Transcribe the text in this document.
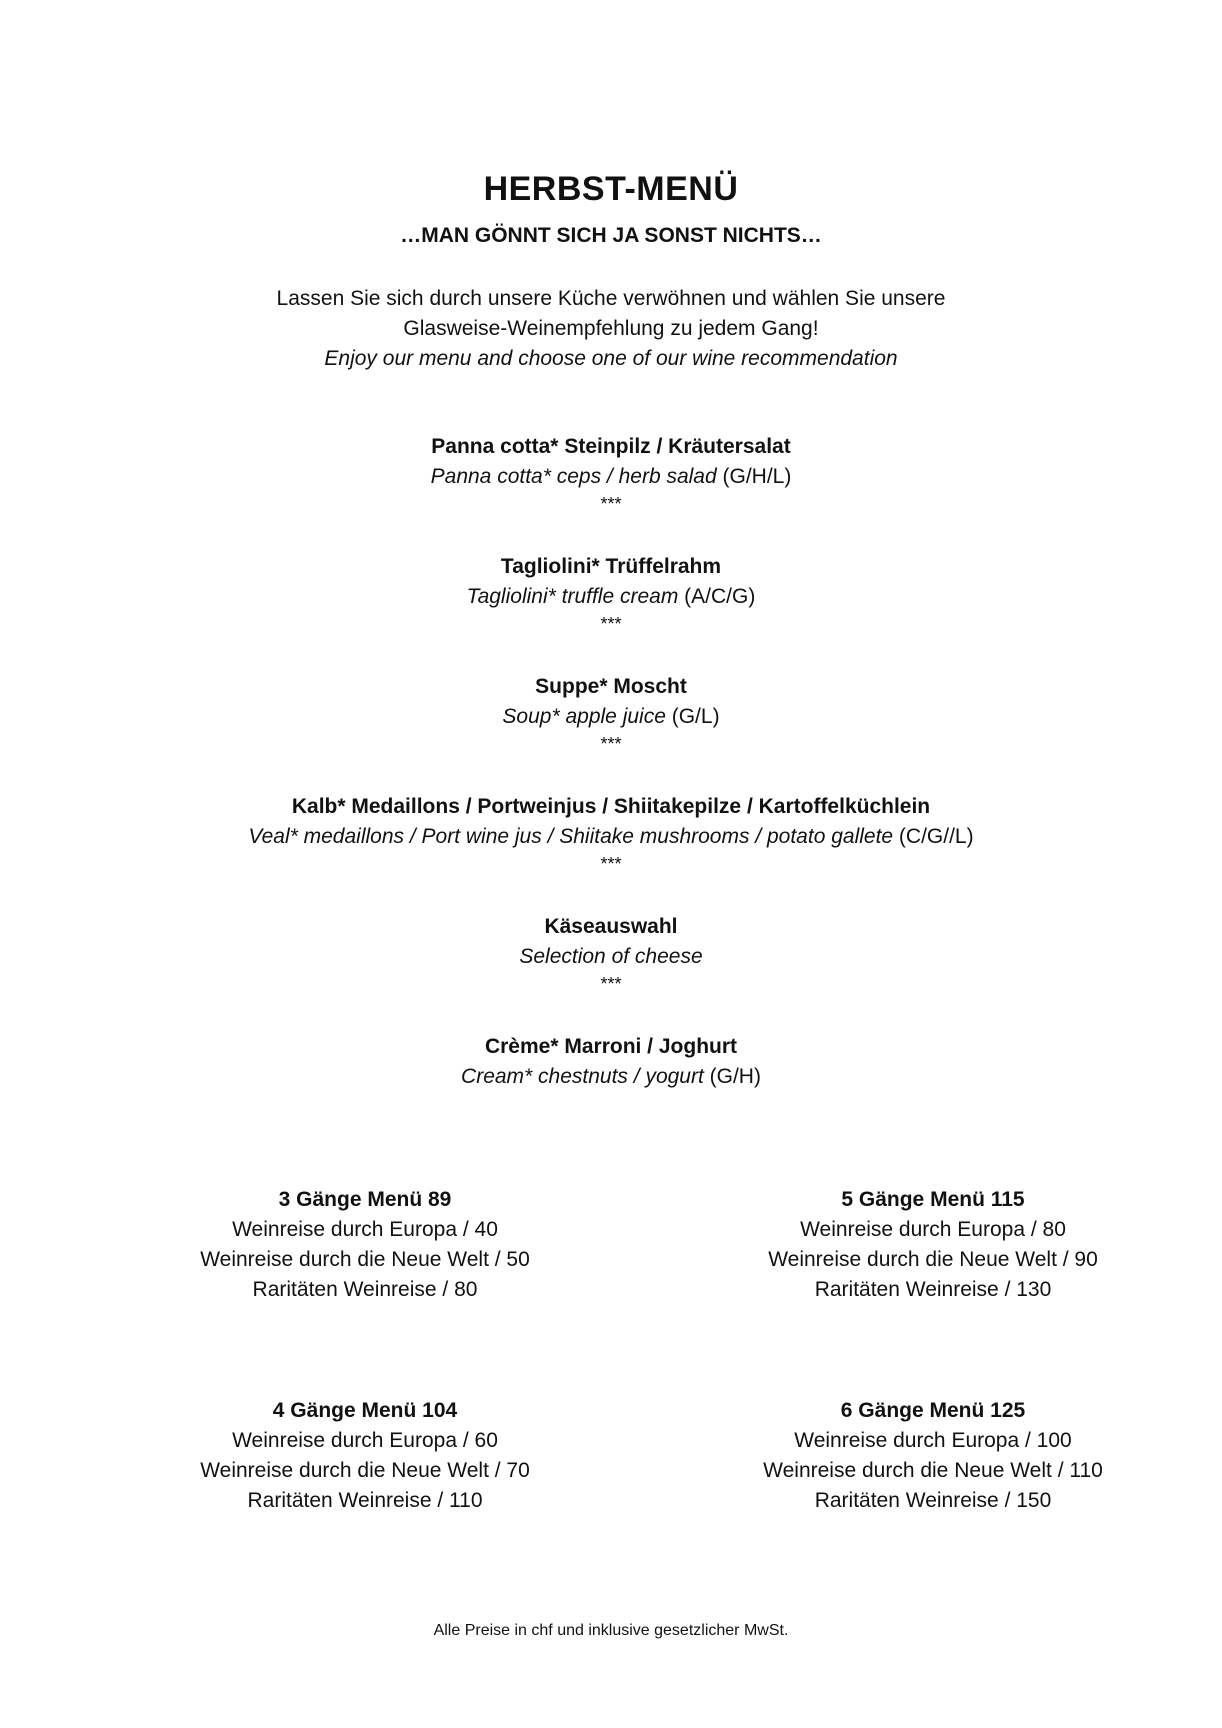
HERBST-MENÜ
…MAN GÖNNT SICH JA SONST NICHTS…
Lassen Sie sich durch unsere Küche verwöhnen und wählen Sie unsere
Glasweise-Weinempfehlung zu jedem Gang!
Enjoy our menu and choose one of our wine recommendation
Panna cotta* Steinpilz / Kräutersalat
Panna cotta* ceps / herb salad (G/H/L)
***
Tagliolini* Trüffelrahm
Tagliolini* truffle cream (A/C/G)
***
Suppe* Moscht
Soup* apple juice (G/L)
***
Kalb* Medaillons / Portweinjus / Shiitakepilze / Kartoffelküchlein
Veal* medaillons / Port wine jus / Shiitake mushrooms / potato gallete (C/G//L)
***
Käseauswahl
Selection of cheese
***
Crème* Marroni / Joghurt
Cream* chestnuts / yogurt (G/H)
3 Gänge Menü 89
Weinreise durch Europa / 40
Weinreise durch die Neue Welt / 50
Raritäten Weinreise / 80
5 Gänge Menü 115
Weinreise durch Europa / 80
Weinreise durch die Neue Welt / 90
Raritäten Weinreise / 130
4 Gänge Menü 104
Weinreise durch Europa / 60
Weinreise durch die Neue Welt / 70
Raritäten Weinreise / 110
6 Gänge Menü 125
Weinreise durch Europa / 100
Weinreise durch die Neue Welt / 110
Raritäten Weinreise / 150
Alle Preise in chf und inklusive gesetzlicher MwSt.
